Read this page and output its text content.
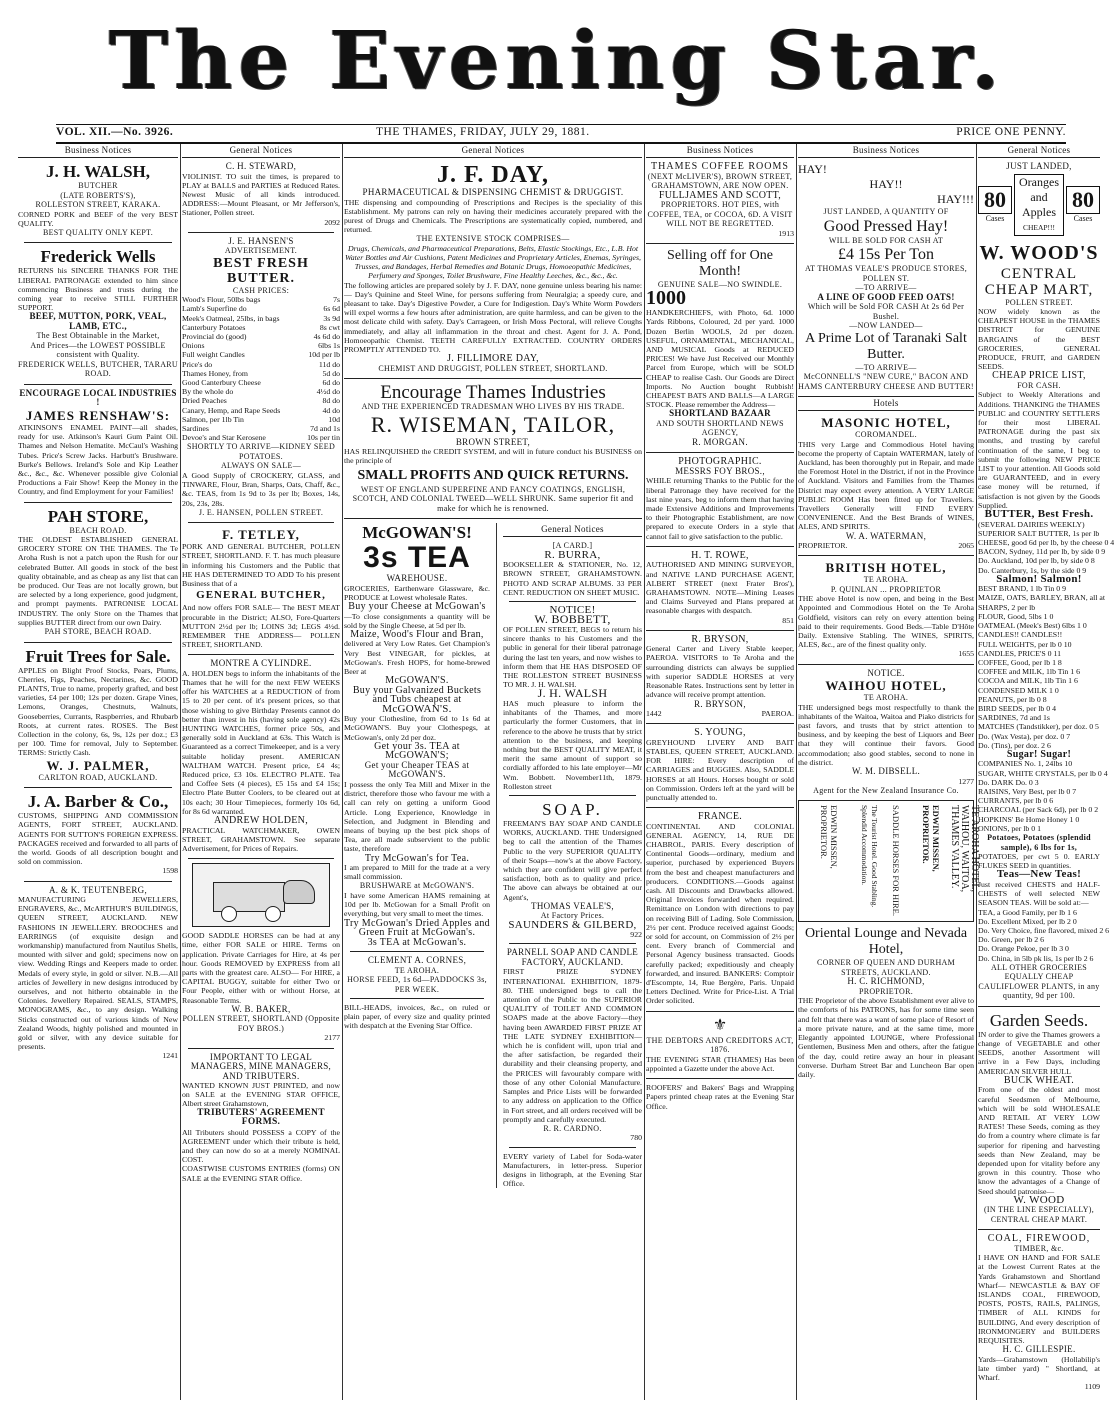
The Evening Star.
VOL. XII.—No. 3926.	THE THAMES, FRIDAY, JULY 29, 1881.	PRICE ONE PENNY.
Business Notices
J. H. WALSH,
BUTCHER
(LATE ROBERTS'S),
ROLLESTON STREET, KARAKA.
CORNED PORK and BEEF of the very BEST QUALITY.
BEST QUALITY ONLY KEPT.
Frederick Wells
RETURNS his SINCERE THANKS FOR THE LIBERAL PATRONAGE extended to him since commencing Business and trusts during the coming year to receive STILL FURTHER SUPPORT.
BEEF, MUTTON, PORK, VEAL, LAMB, ETC.,
The Best Obtainable in the Market,
And Prices—the LOWEST POSSIBLE consistent with Quality.
FREDERICK WELLS, BUTCHER, TARARU ROAD.
ENCOURAGE LOCAL INDUSTRIES !
JAMES RENSHAW'S:
ATKINSON'S ENAMEL PAINT—all shades, ready for use. Atkinson's Kauri Gum Paint Oil. Thames and Nelson Hematite. McCaul's Washing Tubes. Price's Screw Jacks. Harbutt's Brushware. Burke's Bellows. Ireland's Sole and Kip Leather &c., &c., &c. Whenever possible give Colonial Productions a Fair Show! Keep the Money in the Country, and find Employment for your Families!
PAH STORE,
BEACH ROAD.
THE OLDEST ESTABLISHED GENERAL GROCERY STORE ON THE THAMES. The Te Aroha Rush is not a patch upon the Rush for our celebrated Butter. All goods in stock of the best quality obtainable, and as cheap as any list that can be produced. Our Teas are not locally grown, but are selected by a long experience, good judgment, and prompt payments. PATRONISE LOCAL INDUSTRY. The only Store on the Thames that supplies BUTTER direct from our own Dairy.
PAH STORE, BEACH ROAD.
Fruit Trees for Sale.
APPLES on Blight Proof Stocks, Pears, Plums, Cherries, Figs, Peaches, Nectarines, &c. GOOD PLANTS, True to name, properly grafted, and best varieties, £4 per 100; 12s per dozen. Grape Vines, Lemons, Oranges, Chestnuts, Walnuts, Gooseberries, Currants, Raspberries, and Rhubarb Roots, at current rates. ROSES. The Best Collection in the colony, 6s, 9s, 12s per doz.; £3 per 100. Time for removal, July to September. TERMS: Strictly Cash.
W. J. PALMER,
CARLTON ROAD, AUCKLAND.
J. A. Barber & Co.,
CUSTOMS, SHIPPING AND COMMISSION AGENTS, FORT STREET, AUCKLAND. AGENTS FOR SUTTON'S FOREIGN EXPRESS. PACKAGES received and forwarded to all parts of the world. Goods of all description bought and sold on commission.
1598
A. & K. TEUTENBERG,
MANUFACTURING JEWELLERS, ENGRAVERS, &c., McARTHUR'S BUILDINGS, QUEEN STREET, AUCKLAND. NEW FASHIONS IN JEWELLERY. BROOCHES and EARRINGS (of exquisite design and workmanship) manufactured from Nautilus Shells, mounted with silver and gold; specimens now on view. Wedding Rings and Keepers made to order. Medals of every style, in gold or silver. N.B.—All articles of Jewellery in new designs introduced by ourselves, and not hitherto obtainable in the Colonies. Jewellery Repaired. SEALS, STAMPS, MONOGRAMS, &c., to any design. Walking Sticks constructed out of various kinds of New Zealand Woods, highly polished and mounted in gold or silver, with any device suitable for presents.
1241
General Notices
C. H. STEWARD,
VIOLINIST. TO suit the times, is prepared to PLAY at BALLS and PARTIES at Reduced Rates. Newest Music of all kinds introduced. ADDRESS:—Mount Pleasant, or Mr Jefferson's, Stationer, Pollen street.
2092
J. E. HANSEN'S
ADVERTISEMENT.
BEST FRESH BUTTER.
CASH PRICES:
Wood's Flour, 50lbs bags	7s
Lamb's Superfine do	6s 6d
Meek's Oatmeal, 25lbs, in bags	3s 9d
Canterbury Potatoes	8s cwt
Provincial do (good)	4s 6d do
Onions	6lbs 1s
Full weight Candles	10d per lb
Price's do	11d do
Thames Honey, from	5d do
Good Canterbury Cheese	6d do
By the whole do	4½d do
Dried Peaches	8d do
Canary, Hemp, and Rape Seeds	4d do
Salmon, per 1lb Tin	10d
Sardines	7d and 1s
Devoe's and Star Kerosene	10s per tin
SHORTLY TO ARRIVE—KIDNEY SEED POTATOES.
ALWAYS ON SALE—
A Good Supply of CROCKERY, GLASS, and TINWARE, Flour, Bran, Sharps, Oats, Chaff, &c., &c. TEAS, from 1s 9d to 3s per lb; Boxes, 14s, 20s, 23s, 28s.
J. E. HANSEN, POLLEN STREET.
F. TETLEY,
PORK AND GENERAL BUTCHER, POLLEN STREET, SHORTLAND. F. T. has much pleasure in informing his Customers and the Public that HE HAS DETERMINED TO ADD To his present Business that of a
GENERAL BUTCHER,
And now offers FOR SALE— The BEST MEAT procurable in the District; ALSO, Fore-Quarters MUTTON 2½d per lb; LOINS 3d; LEGS 4½d. REMEMBER THE ADDRESS— POLLEN STREET, SHORTLAND.
MONTRE A CYLINDRE.
A. HOLDEN begs to inform the inhabitants of the Thames that he will for the next FEW WEEKS offer his WATCHES at a REDUCTION of from 15 to 20 per cent. of it's present prices, so that those wishing to give Birthday Presents cannot do better than invest in his (having sole agency) 42s HUNTING WATCHES, former price 50s, and generally sold in Auckland at 63s. This Watch is Guaranteed as a correct Timekeeper, and is a very suitable holiday present. AMERICAN WALTHAM WATCH. Present price, £4 4s; Reduced price, £3 10s. ELECTRO PLATE. Tea and Coffee Sets (4 pieces), £5 15s and £4 15s; Electro Plate Butter Coolers, to be cleared out at 10s each; 30 Hour Timepieces, formerly 10s 6d, for 8s 6d warranted.
ANDREW HOLDEN,
PRACTICAL WATCHMAKER, OWEN STREET, GRAHAMSTOWN. See separate Advertisement, for Prices of Repairs.
GOOD SADDLE HORSES can be had at any time, either FOR SALE or HIRE. Terms on application. Private Carriages for Hire, at 4s per hour. Goods REMOVED by EXPRESS from all parts with the greatest care. ALSO— For HIRE, a CAPITAL BUGGY, suitable for either Two or Four People, either with or without Horse, at Reasonable Terms.
W. B. BAKER,
POLLEN STREET, SHORTLAND (Opposite FOY BROS.)
2177
IMPORTANT TO LEGAL MANAGERS, MINE MANAGERS, AND TRIBUTERS.
WANTED KNOWN JUST PRINTED, and now on SALE at the EVENING STAR OFFICE, Albert street Grahamstown,
TRIBUTERS' AGREEMENT FORMS.
All Tributers should POSSESS a COPY of the AGREEMENT under which their tribute is held, and they can now do so at a merely NOMINAL COST.
COASTWISE CUSTOMS ENTRIES (forms) ON SALE at the EVENING STAR Office.
General Notices
J. F. DAY,
PHARMACEUTICAL & DISPENSING CHEMIST & DRUGGIST.
THE dispensing and compounding of Prescriptions and Recipes is the speciality of this Establishment. My patrons can rely on having their medicines accurately prepared with the purest of Drugs and Chemicals. The Prescriptions are systematically copied, numbered, and returned.
THE EXTENSIVE STOCK COMPRISES—
Drugs, Chemicals, and Pharmaceutical Preparations, Belts, Elastic Stockings, Etc., L.B. Hot Water Bottles and Air Cushions, Patent Medicines and Proprietary Articles, Enemas, Syringes, Trusses, and Bandages, Herbal Remedies and Botanic Drugs, Homoeopathic Medicines, Perfumery and Sponges, Toilet Brushware, Fine Healthy Leeches, &c., &c., &c.
The following articles are prepared solely by J. F. DAY, none genuine unless bearing his name:— Day's Quinine and Steel Wine, for persons suffering from Neuralgia; a speedy cure, and pleasant to take. Day's Digestive Powder, a Cure for Indigestion. Day's White Worm Powders will expel worms a few hours after administration, are quite harmless, and can be given to the most delicate child with safety. Day's Carrageen, or Irish Moss Pectoral, will relieve Coughs immediately, and allay all inflammation in the throat and chest. Agent for J. A. Pond, Homoeopathic Chemist. TEETH CAREFULLY EXTRACTED. COUNTRY ORDERS PROMPTLY ATTENDED TO.
J. FILLIMORE DAY,
CHEMIST AND DRUGGIST, POLLEN STREET, SHORTLAND.
Encourage Thames Industries
AND THE EXPERIENCED TRADESMAN WHO LIVES BY HIS TRADE.
R. WISEMAN, TAILOR,
BROWN STREET,
HAS RELINQUISHED the CREDIT SYSTEM, and will in future conduct his BUSINESS on the principle of
SMALL PROFITS AND QUICK RETURNS.
WEST OF ENGLAND SUPERFINE AND FANCY COATINGS, ENGLISH, SCOTCH, AND COLONIAL TWEED—WELL SHRUNK. Same superior fit and make for which he is renowned.
McGOWAN'S!
3s TEA
WAREHOUSE.
GROCERIES, Earthenware Glassware, &c. PRODUCE at Lowest wholesale Rates.
Buy your Cheese at McGowan's
—To close consignments a quantity will be sold by the Single Cheese, at 5d per lb.
Maize, Wood's Flour and Bran,
delivered at Very Low Rates. Get Champion's Very Best VINEGAR, for pickles, at McGowan's. Fresh HOPS, for home-brewed Beer at
McGOWAN'S.
Buy your Galvanized Buckets and Tubs cheapest at
McGOWAN'S.
Buy your Clothesline, from 6d to 1s 6d at McGOWAN'S. Buy your Clothespegs, at McGowan's, only 2d per doz.
Get your 3s. TEA at McGOWAN'S;
Get your Cheaper TEAS at McGOWAN'S.
I possess the only Tea Mill and Mixer in the district, therefore those who favour me with a call can rely on getting a uniform Good Article. Long Experience, Knowledge in Selection, and Judgment in Blending and means of buying up the best pick shops of Tea, are all made subservient to the public taste, therefore
Try McGowan's for Tea.
I am prepared to Mill for the trade at a very small commission.
BRUSHWARE at McGOWAN'S.
I have some American HAMS remaining at 10d per lb. McGowan for a Small Profit on everything, but very small to meet the times.
Try McGowan's Dried Apples and Green Fruit at McGowan's.
3s TEA at McGowan's.
CLEMENT A. CORNES,
TE AROHA.
HORSE FEED, 1s 6d—PADDOCKS 3s, PER WEEK.
BILL-HEADS, invoices, &c., on ruled or plain paper, of every size and quality printed with despatch at the Evening Star Office.
General Notices
[A CARD.]
R. BURRA,
BOOKSELLER & STATIONER, No. 12, BROWN STREET, GRAHAMSTOWN. PHOTO AND SCRAP ALBUMS. 33 PER CENT. REDUCTION ON SHEET MUSIC.
NOTICE!
W. BOBBETT,
OF POLLEN STREET, BEGS to return his sincere thanks to his Customers and the public in general for their liberal patronage during the last ten years, and now wishes to inform them that HE HAS DISPOSED OF THE ROLLESTON STREET BUSINESS TO MR. J. H. WALSH.
J. H. WALSH
HAS much pleasure to inform the inhabitants of the Thames, and more particularly the former Customers, that in reference to the above he trusts that by strict attention to the business, and keeping nothing but the BEST QUALITY MEAT, it merit the same amount of support so cordially afforded to his late employer—Mr Wm. Bobbett. November11th, 1879. Rolleston street
SOAP.
FREEMAN'S BAY SOAP AND CANDLE WORKS, AUCKLAND. THE Undersigned beg to call the attention of the Thames Public to the very SUPERIOR QUALITY of their Soaps—now's at the above Factory, which they are confident will give perfect satisfaction, both as to quality and price. The above can always be obtained at our Agent's,
THOMAS VEALE'S,
At Factory Prices.
SAUNDERS & GILBERD,
922
PARNELL SOAP AND CANDLE FACTORY, AUCKLAND.
FIRST PRIZE SYDNEY INTERNATIONAL EXHIBITION, 1879-80. THE undersigned begs to call the attention of the Public to the SUPERIOR QUALITY of TOILET AND COMMON SOAPS made at the above Factory—they having been AWARDED FIRST PRIZE AT THE LATE SYDNEY EXHIBITION—which he is confident will, upon trial and the after satisfaction, be regarded their durability and their cleansing property, and the PRICES will favourably compare with those of any other Colonial Manufacture. Samples and Price Lists will be forwarded to any address on application to the Office in Fort street, and all orders received will be promptly and carefully executed.
R. R. CARDNO.
780
EVERY variety of Label for Soda-water Manufacturers, in letter-press. Superior designs in lithograph, at the Evening Star Office.
Business Notices
THAMES COFFEE ROOMS
(NEXT McLIVER'S), BROWN STREET, GRAHAMSTOWN, ARE NOW OPEN.
FULLJAMES AND SCOTT,
PROPRIETORS. HOT PIES, with COFFEE, TEA, or COCOA, 6D. A VISIT WILL NOT BE REGRETTED.
1913
Selling off for One Month!
GENUINE SALE—NO SWINDLE.
1000
HANDKERCHIEFS, with Photo, 6d. 1000 Yards Ribbons, Coloured, 2d per yard. 1000 Dozen Berlin WOOLS, 2d per dozen. USEFUL, ORNAMENTAL, MECHANICAL, AND MUSICAL Goods at REDUCED PRICES! We have Just Received our Monthly Parcel from Europe, which will be SOLD CHEAP to realise Cash. Our Goods are Direct Imports. No Auction bought Rubbish! CHEAPEST BATS AND BALLS—A LARGE STOCK. Please remember the Address—
SHORTLAND BAZAAR
AND SOUTH SHORTLAND NEWS AGENCY,
R. MORGAN.
PHOTOGRAPHIC.
MESSRS FOY BROS.,
WHILE returning Thanks to the Public for the liberal Patronage they have received for the last nine years, beg to inform them that having made Extensive Additions and Improvements to their Photographic Establishment, are now prepared to execute Orders in a style that cannot fail to give satisfaction to the public.
H. T. ROWE,
AUTHORISED AND MINING SURVEYOR, and NATIVE LAND PURCHASE AGENT, ALBERT STREET (next Frater Bros'), GRAHAMSTOWN. NOTE—Mining Leases and Claims Surveyed and Plans prepared at reasonable charges with despatch.
851
R. BRYSON,
General Carter and Livery Stable keeper, PAEROA. VISITORS to Te Aroha and the surrounding districts can always be supplied with superior SADDLE HORSES at very Reasonable Rates. Instructions sent by letter in advance will receive prompt attention.
R. BRYSON,
1442	PAEROA.
S. YOUNG,
GREYHOUND LIVERY AND BAIT STABLES, QUEEN STREET, AUCKLAND. FOR HIRE: Every description of CARRIAGES and BUGGIES. Also, SADDLE HORSES at all Hours. Horses bought or sold on Commission. Orders left at the yard will be punctually attended to.
FRANCE.
CONTINENTAL AND COLONIAL GENERAL AGENCY, 14, RUE DE CHABROL, PARIS. Every description of Continental Goods—ordinary, medium and superior, purchased by experienced Buyers from the best and cheapest manufacturers and producers. CONDITIONS.—Goods against cash. All Discounts and Drawbacks allowed. Original Invoices forwarded when required. Remittance on London with directions to pay on receiving Bill of Lading. Sole Commission, 2½ per cent. Produce received against Goods; or sold for account, on Commission of 2½ per cent. Every branch of Commercial and Personal Agency business transacted. Goods carefully packed; expeditiously and cheaply forwarded, and insured. BANKERS: Comptoir d'Escompte, 14, Rue Bergère, Paris. Unpaid Letters Declined. Write for Price-List. A Trial Order solicited.
⚜
THE DEBTORS AND CREDITORS ACT, 1876.
THE EVENING STAR (THAMES) Has been appointed a Gazette under the above Act.
ROOFERS' and Bakers' Bags and Wrapping Papers printed cheap rates at the Evening Star Office.
Business Notices
HAY!
HAY!!
HAY!!!
JUST LANDED, A QUANTITY OF
Good Pressed Hay!
WILL BE SOLD FOR CASH AT
£4 15s Per Ton
AT THOMAS VEALE'S PRODUCE STORES, POLLEN ST.
—TO ARRIVE—
A LINE OF GOOD FEED OATS!
Which will be Sold FOR CASH At 2s 6d Per Bushel.
—NOW LANDED—
A Prime Lot of Taranaki Salt Butter.
—TO ARRIVE—
McCONNELL'S "NEW CURE," BACON AND HAMS CANTERBURY CHEESE AND BUTTER!
Hotels
MASONIC HOTEL,
COROMANDEL.
THIS very Large and Commodious Hotel having become the property of Captain WATERMAN, lately of Auckland, has been thoroughly put in Repair, and made the Foremost Hotel in the District, if not in the Province of Auckland. Visitors and Families from the Thames District may expect every attention. A VERY LARGE PUBLIC ROOM Has been fitted up for Travellers. Travellers Generally will FIND EVERY CONVENIENCE. And the Best Brands of WINES, ALES, AND SPIRITS.
W. A. WATERMAN,
PROPRIETOR.	2065
BRITISH HOTEL,
TE AROHA.
P. QUINLAN ... PROPRIETOR
THE above Hotel is now open, and being in the Best Appointed and Commodious Hotel on the Te Aroha Goldfield, visitors can rely on every attention being paid to their requirements. Good Beds.—Table D'Hôte Daily. Extensive Stabling. The WINES, SPIRITS, ALES, &c., are of the finest quality only.
1655
NOTICE.
WAIHOU HOTEL,
TE AROHA.
THE undersigned begs most respectfully to thank the inhabitants of the Waitoa, Waitoa and Piako districts for past favors, and trusts that by strict attention to business, and by keeping the best of Liquors and Beer that they will continue their favors. Good accommodation; also good stables, second to none in the district.
W. M. DIBSELL.
1277
Agent for the New Zealand Insurance Co.
TE AROHA HOTEL, WAIHOU, WAITOA, THAMES VALLEY.
EDWIN MISSEN, PROPRIETOR.
SADDLE HORSES FOR HIRE.
The Tourist Hotel. Good Stabling. Splendid Accommodation.
EDWIN MISSEN, PROPRIETOR.
Oriental Lounge and Nevada Hotel,
CORNER OF QUEEN AND DURHAM STREETS, AUCKLAND.
H. C. RICHMOND,
PROPRIETOR.
THE Proprietor of the above Establishment ever alive to the comforts of his PATRONS, has for some time seen and felt that there was a want of some place of Resort of a more private nature, and at the same time, more Elegantly appointed LOUNGE, where Professional Gentlemen, Business Men and others, after the fatigue of the day, could retire away an hour in pleasant converse. Durham Street Bar and Luncheon Bar open daily.
General Notices
JUST LANDED,
80
Cases
Oranges and Apples
CHEAP!!!
80
Cases
W. WOOD'S
CENTRAL CHEAP MART,
POLLEN STREET.
NOW widely known as the CHEAPEST HOUSE in the THAMES DISTRICT for GENUINE BARGAINS of the BEST GROCERIES, GENERAL PRODUCE, FRUIT, and GARDEN SEEDS.
CHEAP PRICE LIST,
FOR CASH.
Subject to Weekly Alterations and Additions. THANKING the THAMES PUBLIC and COUNTRY SETTLERS for their most LIBERAL PATRONAGE during the past six months, and trusting by careful continuation of the same, I beg to submit the following NEW PRICE LIST to your attention. All Goods sold are GUARANTEED, and in every case money will be returned, if satisfaction is not given by the Goods Supplied.
BUTTER, Best Fresh.
(SEVERAL DAIRIES WEEKLY)
SUPERIOR SALT BUTTER, 1s per lb
CHEESE, good 6d per lb, by the cheese 0 4
BACON, Sydney, 11d per lb, by side 0 9
Do. Auckland, 10d per lb, by side 0 8
Do. Canterbury, 1s, by the side 0 9
Salmon! Salmon!
BEST BRAND, 1 lb Tin 0 9
MAIZE, OATS, BARLEY, BRAN, all at
SHARPS, 2 per lb
FLOUR, Good, 5lbs 1 0
OATMEAL (Meek's Best) 6lbs 1 0
CANDLES!! CANDLES!!
FULL WEIGHTS, per lb 0 10
CANDLES, PRICE'S 0 11
COFFEE, Good, per lb 1 8
COFFEE and MILK, 1lb Tin 1 6
COCOA and MILK, 1lb Tin 1 6
CONDENSED MILK 1 0
PEANUTS, per lb 0 8
BIRD SEEDS, per lb 0 4
SARDINES, 7d and 1s
MATCHES (Tandstikker), per doz. 0 5
Do. (Wax Vesta), per doz. 0 7
Do. (Tins), per doz. 2 6
Sugar! Sugar!
COMPANIES No. 1, 24lbs 10
SUGAR, WHITE CRYSTALS, per lb 0 4
Do. DARK Do. 0 3
RAISINS, Very Best, per lb 0 7
CURRANTS, per lb 0 6
CHARCOAL (per Sack 6d), per lb 0 2
HOPKINS' Be Home Honey 1 0
ONIONS, per lb 0 1
Potatoes, Potatoes (splendid sample), 6 lbs for 1s,
POTATOES, per cwt 5 0. EARLY FLUKES SEED in quantities.
Teas—New Teas!
Just received CHESTS and HALF-CHESTS of well selected NEW SEASON TEAS. Will be sold at:—
TEA, a Good Family, per lb 1 6
Do. Excellent Mixed, per lb 2 0
Do. Very Choice, fine flavored, mixed 2 6
Do. Green, per lb 2 6
Do. Orange Pekoe, per lb 3 0
Do. China, in 5lb pk lis, 1s per lb 2 6
ALL OTHER GROCERIES EQUALLY CHEAP
CAULIFLOWER PLANTS, in any quantity, 9d per 100.
Garden Seeds.
IN order to give the Thames growers a change of VEGETABLE and other SEEDS, another Assortment will arrive in a Few Days, including AMERICAN SILVER HULL
BUCK WHEAT.
From one of the oldest and most careful Seedsmen of Melbourne, which will be sold WHOLESALE AND RETAIL AT VERY LOW RATES! These Seeds, coming as they do from a country where climate is far superior for ripening and harvesting seeds than New Zealand, may be depended upon for vitality before any grown in this country. Those who know the advantages of a Change of Seed should patronise—
W. WOOD
(IN THE LINE ESPECIALLY), CENTRAL CHEAP MART.
COAL, FIREWOOD,
TIMBER, &c.
I HAVE ON HAND and FOR SALE at the Lowest Current Rates at the Yards Grahamstown and Shortland Wharf— NEWCASTLE & BAY OF ISLANDS COAL, FIREWOOD, POSTS, POSTS, RAILS, PALINGS, TIMBER of ALL KINDS for BUILDING, And every description of IRONMONGERY and BUILDERS REQUISITES.
H. C. GILLESPIE.
Yards—Grahamstown (Hollabilip's late timber yard) " Shortland, at Wharf.
1109
